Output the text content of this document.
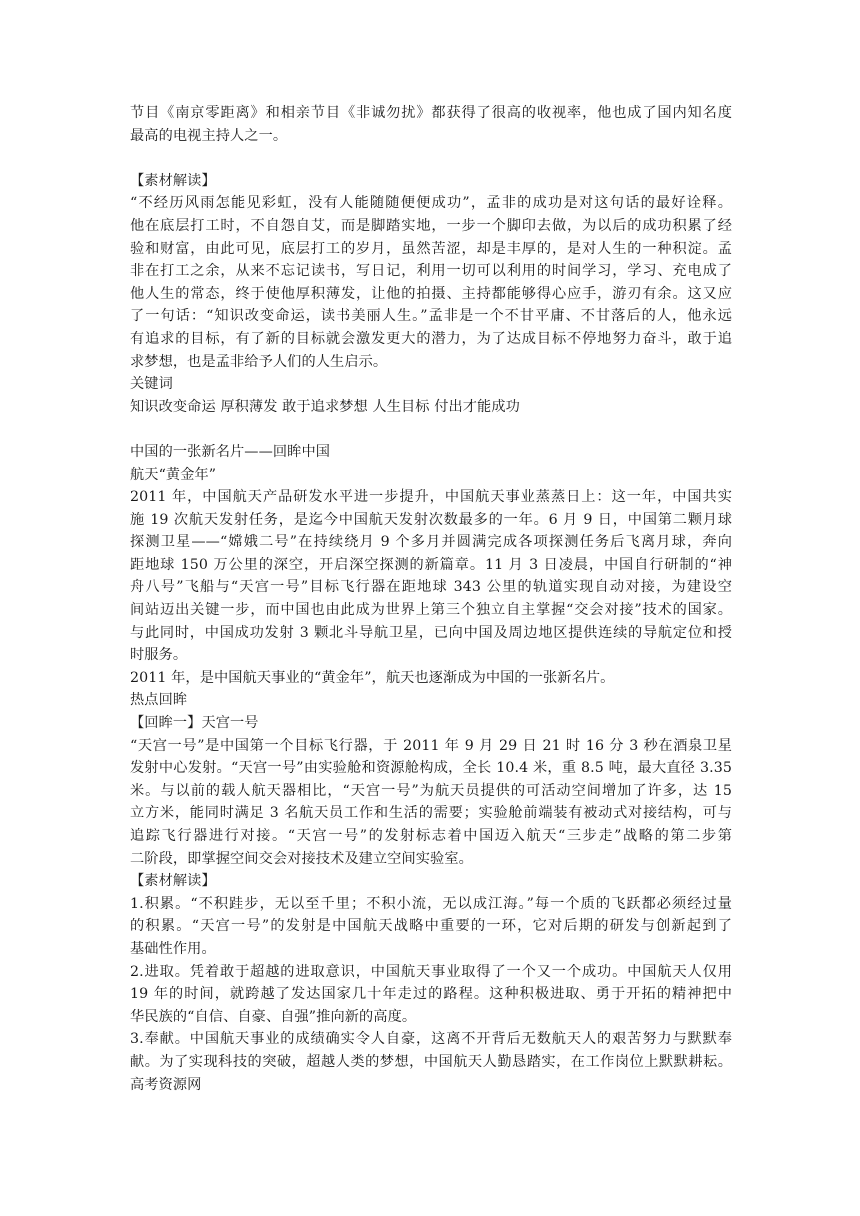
节目《南京零距离》和相亲节目《非诚勿扰》都获得了很高的收视率，他也成了国内知名度
最高的电视主持人之一。
【素材解读】
“不经历风雨怎能见彩虹，没有人能随随便便成功”，孟非的成功是对这句话的最好诠释。
他在底层打工时，不自怨自艾，而是脚踏实地，一步一个脚印去做，为以后的成功积累了经
验和财富，由此可见，底层打工的岁月，虽然苦涩，却是丰厚的，是对人生的一种积淀。孟
非在打工之余，从来不忘记读书，写日记，利用一切可以利用的时间学习，学习、充电成了
他人生的常态，终于使他厚积薄发，让他的拍摄、主持都能够得心应手，游刃有余。这又应
了一句话：“知识改变命运，读书美丽人生。”孟非是一个不甘平庸、不甘落后的人，他永远
有追求的目标，有了新的目标就会激发更大的潜力，为了达成目标不停地努力奋斗，敢于追
求梦想，也是孟非给予人们的人生启示。
关键词
知识改变命运 厚积薄发 敢于追求梦想 人生目标 付出才能成功
中国的一张新名片——回眸中国
航天“黄金年”
2011 年，中国航天产品研发水平进一步提升，中国航天事业蒸蒸日上：这一年，中国共实
施 19 次航天发射任务，是迄今中国航天发射次数最多的一年。6 月 9 日，中国第二颗月球
探测卫星——“嫦娥二号”在持续绕月 9 个多月并圆满完成各项探测任务后飞离月球，奔向
距地球 150 万公里的深空，开启深空探测的新篇章。11 月 3 日凌晨，中国自行研制的“神
舟八号”飞船与“天宫一号”目标飞行器在距地球 343 公里的轨道实现自动对接，为建设空
间站迈出关键一步，而中国也由此成为世界上第三个独立自主掌握“交会对接”技术的国家。
与此同时，中国成功发射 3 颗北斗导航卫星，已向中国及周边地区提供连续的导航定位和授
时服务。
2011 年，是中国航天事业的“黄金年”，航天也逐渐成为中国的一张新名片。
热点回眸
【回眸一】天宫一号
“天宫一号”是中国第一个目标飞行器，于 2011 年 9 月 29 日 21 时 16 分 3 秒在酒泉卫星
发射中心发射。“天宫一号”由实验舱和资源舱构成，全长 10.4 米，重 8.5 吨，最大直径 3.35
米。与以前的载人航天器相比，“天宫一号”为航天员提供的可活动空间增加了许多，达 15
立方米，能同时满足 3 名航天员工作和生活的需要；实验舱前端装有被动式对接结构，可与
追踪飞行器进行对接。“天宫一号”的发射标志着中国迈入航天“三步走”战略的第二步第
二阶段，即掌握空间交会对接技术及建立空间实验室。
【素材解读】
1.积累。“不积跬步，无以至千里；不积小流，无以成江海。”每一个质的飞跃都必须经过量
的积累。“天宫一号”的发射是中国航天战略中重要的一环，它对后期的研发与创新起到了
基础性作用。
2.进取。凭着敢于超越的进取意识，中国航天事业取得了一个又一个成功。中国航天人仅用
19 年的时间，就跨越了发达国家几十年走过的路程。这种积极进取、勇于开拓的精神把中
华民族的“自信、自豪、自强”推向新的高度。
3.奉献。中国航天事业的成绩确实令人自豪，这离不开背后无数航天人的艰苦努力与默默奉
献。为了实现科技的突破，超越人类的梦想，中国航天人勤恳踏实，在工作岗位上默默耕耘。
高考资源网
